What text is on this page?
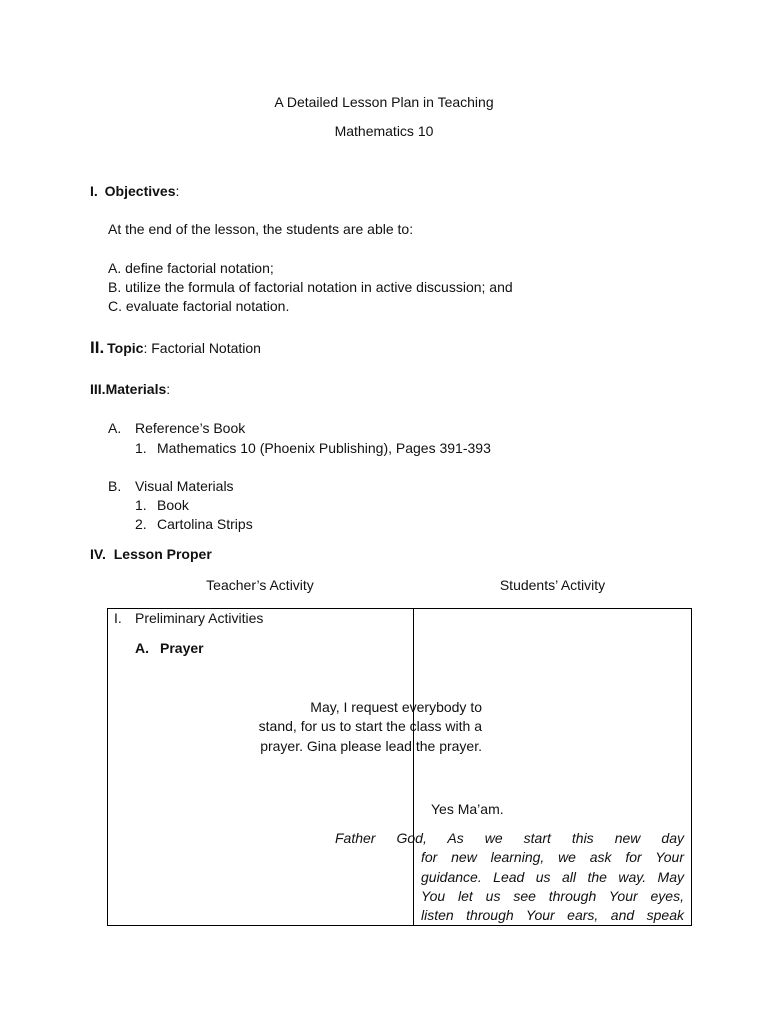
A Detailed Lesson Plan in Teaching
Mathematics 10
I. Objectives:
At the end of the lesson, the students are able to:
A. define factorial notation;
B. utilize the formula of factorial notation in active discussion; and
C. evaluate factorial notation.
II. Topic: Factorial Notation
III.Materials:
A. Reference’s Book
1. Mathematics 10 (Phoenix Publishing), Pages 391-393
B. Visual Materials
1. Book
2. Cartolina Strips
IV. Lesson Proper
Teacher’s Activity	Students’ Activity
I. Preliminary Activities
A. Prayer
May, I request everybody to
stand, for us to start the class with a
prayer. Gina please lead the prayer.
Yes Ma’am.
Father God, As we start this new day
for new learning, we ask for Your
guidance. Lead us all the way. May
You let us see through Your eyes,
listen through Your ears, and speak
